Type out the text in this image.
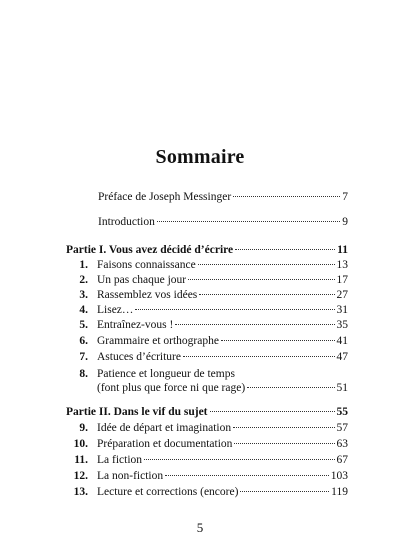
Sommaire
Préface de Joseph Messinger	7
Introduction	9
Partie I. Vous avez décidé d’écrire	11
1. Faisons connaissance	13
2. Un pas chaque jour	17
3. Rassemblez vos idées	27
4. Lisez…	31
5. Entraînez-vous !	35
6. Grammaire et orthographe	41
7. Astuces d’écriture	47
8. Patience et longueur de temps
(font plus que force ni que rage)	51
Partie II. Dans le vif du sujet	55
9. Idée de départ et imagination	57
10. Préparation et documentation	63
11. La fiction	67
12. La non-fiction	103
13. Lecture et corrections (encore)	119
5
